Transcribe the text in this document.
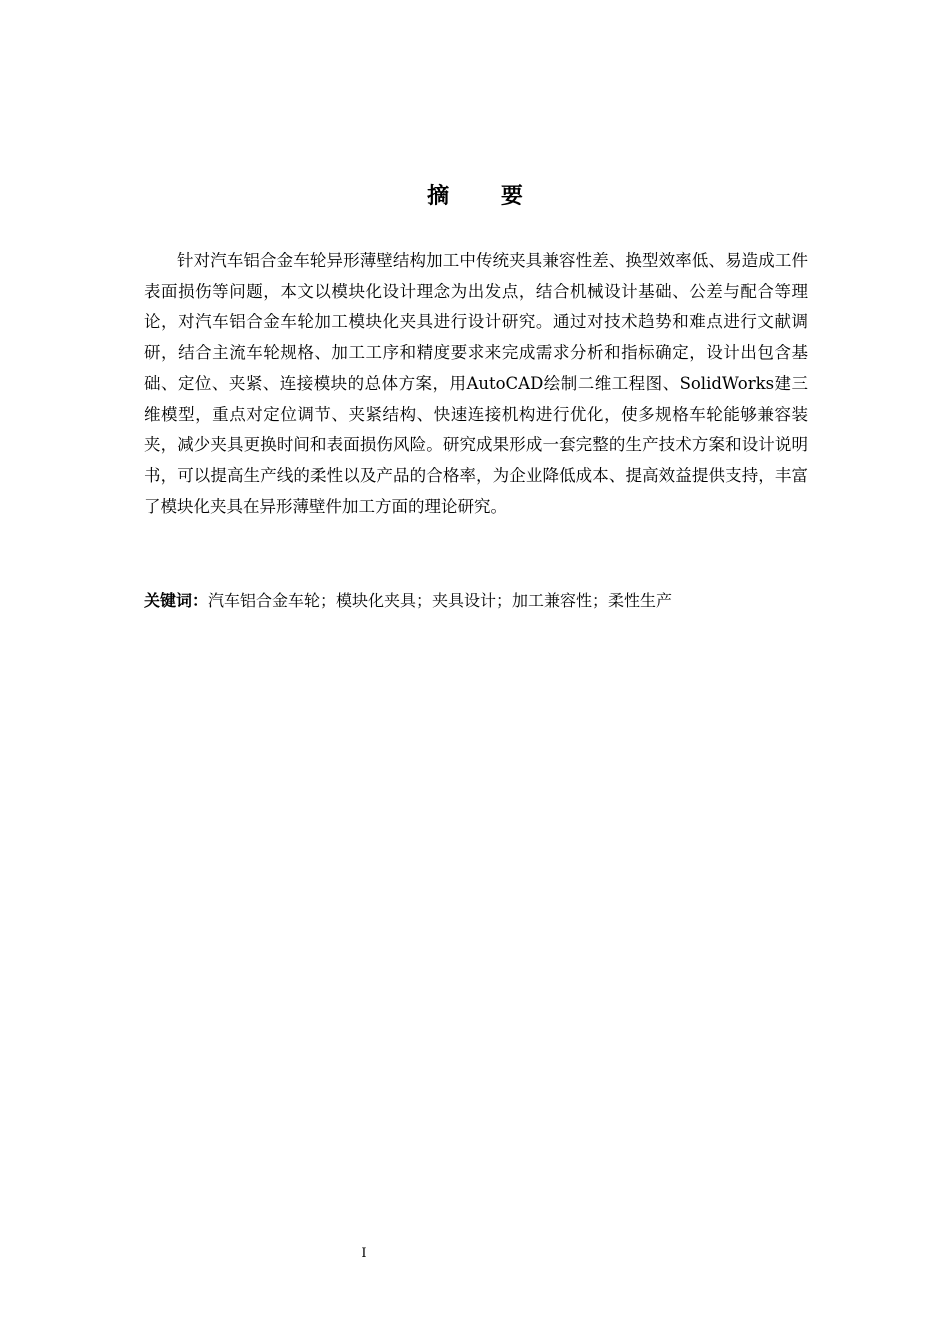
摘 要

针对汽车铝合金车轮异形薄壁结构加工中传统夹具兼容性差、换型效率低、易造成工件表面损伤等问题，本文以模块化设计理念为出发点，结合机械设计基础、公差与配合等理论，对汽车铝合金车轮加工模块化夹具进行设计研究。通过对技术趋势和难点进行文献调研，结合主流车轮规格、加工工序和精度要求来完成需求分析和指标确定，设计出包含基础、定位、夹紧、连接模块的总体方案，用AutoCAD绘制二维工程图、SolidWorks建三维模型，重点对定位调节、夹紧结构、快速连接机构进行优化，使多规格车轮能够兼容装夹，减少夹具更换时间和表面损伤风险。研究成果形成一套完整的生产技术方案和设计说明书，可以提高生产线的柔性以及产品的合格率，为企业降低成本、提高效益提供支持，丰富了模块化夹具在异形薄壁件加工方面的理论研究。

关键词：汽车铝合金车轮；模块化夹具；夹具设计；加工兼容性；柔性生产

I
